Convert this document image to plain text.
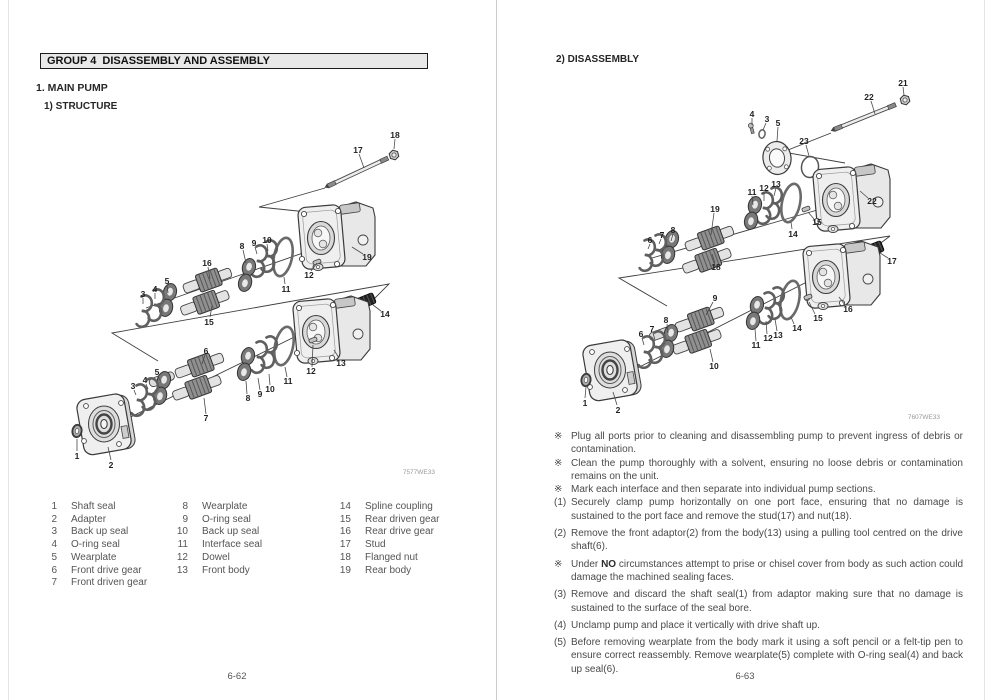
GROUP 4  DISASSEMBLY AND ASSEMBLY
1. MAIN PUMP
1) STRUCTURE
18
17
19
12
11
10
9
8
16
15
5
4
3
14
13
12
11
10
9
8
6
7
5
4
3
2
1
7577WE33
1 Shaft seal
2 Adapter
3 Back up seal
4 O-ring seal
5 Wearplate
6 Front drive gear
7 Front driven gear
8 Wearplate
9 O-ring seal
10 Back up seal
11 Interface seal
12 Dowel
13 Front body
14 Spline coupling
15 Rear driven gear
16 Rear drive gear
17 Stud
18 Flanged nut
19 Rear body
6-62
2) DISASSEMBLY
21
22
4 3 5
23
22
15
14
13
12
11
19
18
8
7
6
17
16
15
14
13
12
11
10
9
8
7
6
2
1
7607WE33
※ Plug all ports prior to cleaning and disassembling pump to prevent ingress of debris or contamination.
※ Clean the pump thoroughly with a solvent, ensuring no loose debris or contamination remains on the unit.
※ Mark each interface and then separate into individual pump sections.
(1) Securely clamp pump horizontally on one port face, ensuring that no damage is sustained to the port face and remove the stud(17) and nut(18).
(2) Remove the front adaptor(2) from the body(13) using a pulling tool centred on the drive shaft(6).
※ Under NO circumstances attempt to prise or chisel cover from body as such action could damage the machined sealing faces.
(3) Remove and discard the shaft seal(1) from adaptor making sure that no damage is sustained to the surface of the seal bore.
(4) Unclamp pump and place it vertically with drive shaft up.
(5) Before removing wearplate from the body mark it using a soft pencil or a felt-tip pen to ensure correct reassembly. Remove wearplate(5) complete with O-ring seal(4) and back up seal(6).
6-63
